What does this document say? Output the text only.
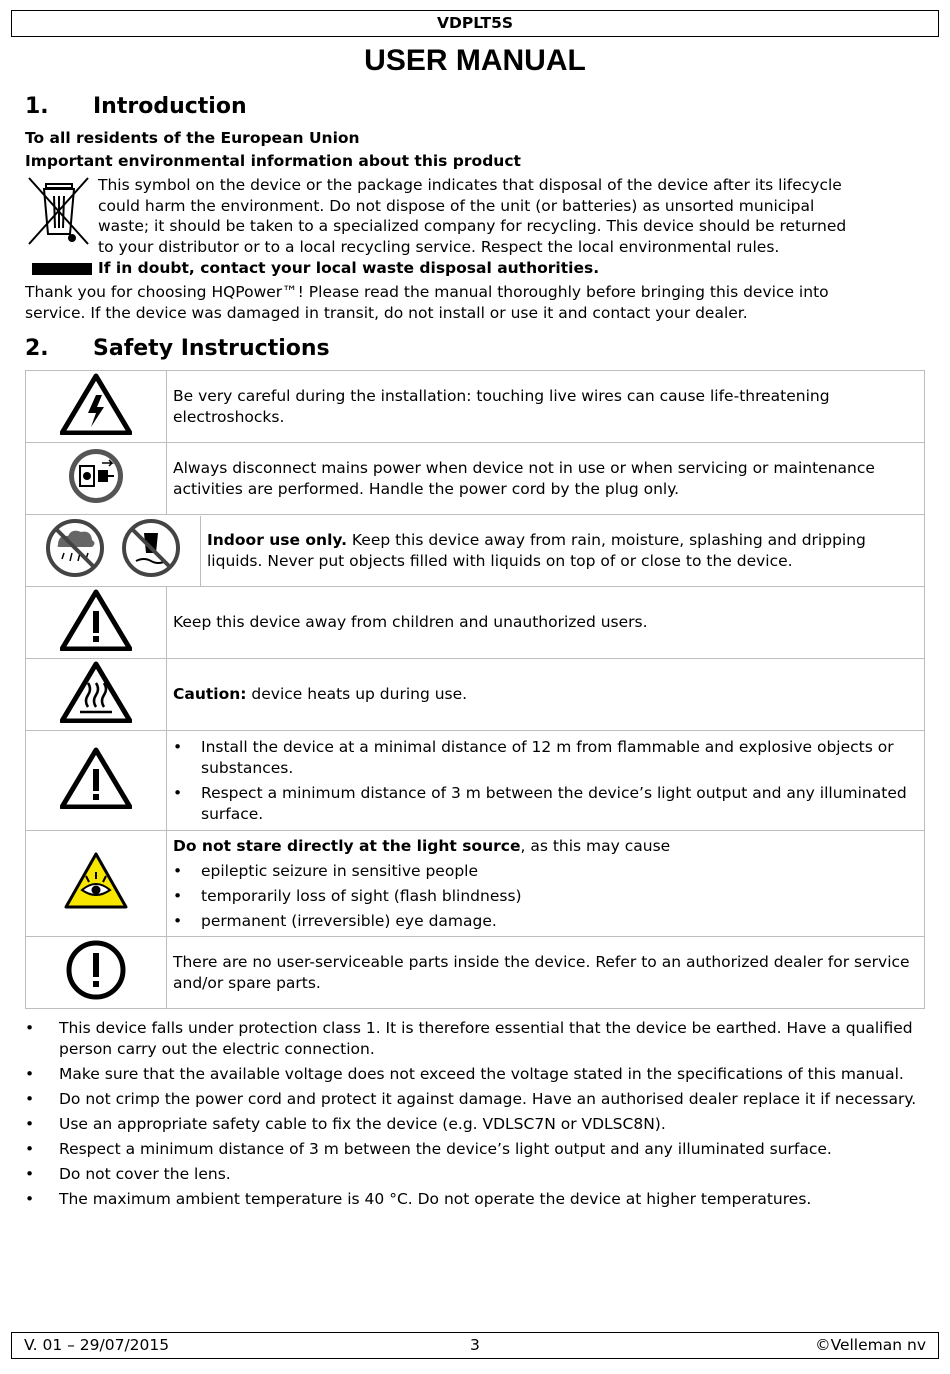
VDPLT5S
USER MANUAL
1. Introduction
To all residents of the European Union
Important environmental information about this product
This symbol on the device or the package indicates that disposal of the device after its lifecycle
could harm the environment. Do not dispose of the unit (or batteries) as unsorted municipal
waste; it should be taken to a specialized company for recycling. This device should be returned
to your distributor or to a local recycling service. Respect the local environmental rules.
If in doubt, contact your local waste disposal authorities.
Thank you for choosing HQPower™! Please read the manual thoroughly before bringing this device into
service. If the device was damaged in transit, do not install or use it and contact your dealer.
2. Safety Instructions
	Be very careful during the installation: touching live wires can cause life-threatening electroshocks.
	Always disconnect mains power when device not in use or when servicing or maintenance activities are performed. Handle the power cord by the plug only.

	Indoor use only. Keep this device away from rain, moisture, splashing and dripping liquids. Never put objects filled with liquids on top of or close to the device.

	Keep this device away from children and unauthorized users.
	Caution: device heats up during use.

• Install the device at a minimal distance of 12 m from flammable and explosive objects or substances.
• Respect a minimum distance of 3 m between the device’s light output and any illuminated surface.

Do not stare directly at the light source, as this may cause
• epileptic seizure in sensitive people
• temporarily loss of sight (flash blindness)
• permanent (irreversible) eye damage.

	There are no user-serviceable parts inside the device. Refer to an authorized dealer for service and/or spare parts.
• This device falls under protection class 1. It is therefore essential that the device be earthed. Have a qualified person carry out the electric connection.
• Make sure that the available voltage does not exceed the voltage stated in the specifications of this manual.
• Do not crimp the power cord and protect it against damage. Have an authorised dealer replace it if necessary.
• Use an appropriate safety cable to fix the device (e.g. VDLSC7N or VDLSC8N).
• Respect a minimum distance of 3 m between the device’s light output and any illuminated surface.
• Do not cover the lens.
• The maximum ambient temperature is 40 °C. Do not operate the device at higher temperatures.
V. 01 – 29/07/2015	3	©Velleman nv
